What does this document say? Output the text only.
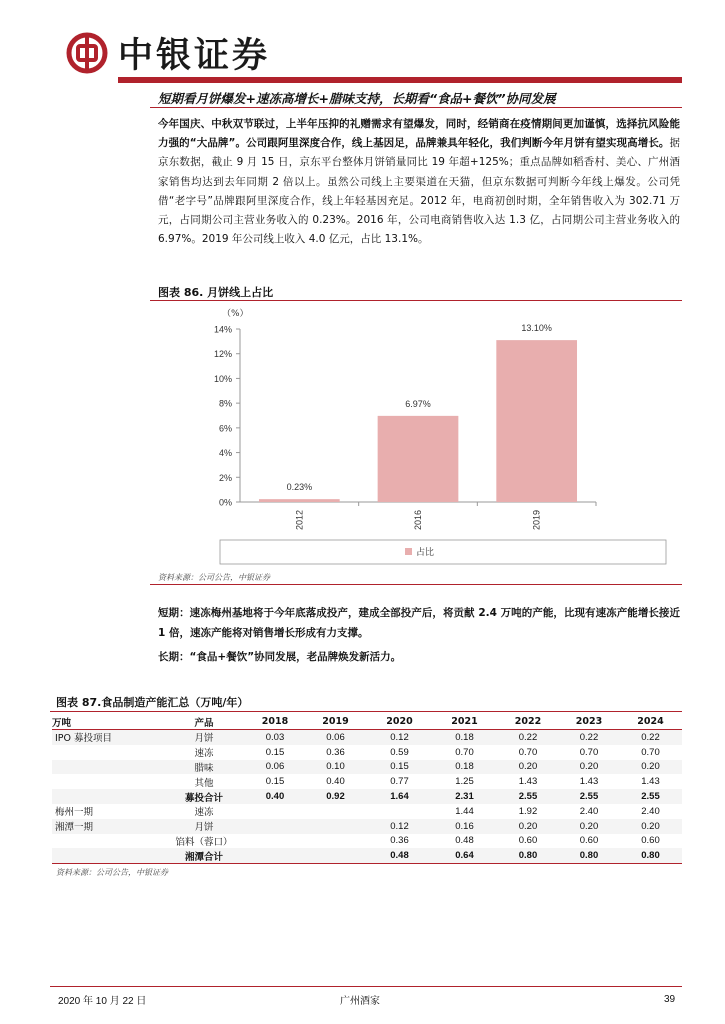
中银证券
短期看月饼爆发+速冻高增长+腊味支持，长期看“食品+餐饮”协同发展
今年国庆、中秋双节联过，上半年压抑的礼赠需求有望爆发，同时，经销商在疫情期间更加谨慎，选择抗风险能力强的“大品牌”。公司跟阿里深度合作，线上基因足，品牌兼具年轻化，我们判断今年月饼有望实现高增长。据京东数据，截止 9 月 15 日，京东平台整体月饼销量同比 19 年超+125%；重点品牌如稻香村、美心、广州酒家销售均达到去年同期 2 倍以上。虽然公司线上主要渠道在天猫，但京东数据可判断今年线上爆发。公司凭借“老字号”品牌跟阿里深度合作，线上年轻基因充足。2012 年，电商初创时期，全年销售收入为 302.71 万元，占同期公司主营业务收入的 0.23%。2016 年，公司电商销售收入达 1.3 亿，占同期公司主营业务收入的 6.97%。2019 年公司线上收入 4.0 亿元，占比 13.1%。
图表 86. 月饼线上占比
（%）
0%
2%
4%
6%
8%
10%
12%
14%
0.23%
6.97%
13.10%
2012	2016	2019
占比
资料来源：公司公告，中银证券
短期：速冻梅州基地将于今年底落成投产，建成全部投产后，将贡献 2.4 万吨的产能，比现有速冻产能增长接近 1 倍，速冻产能将对销售增长形成有力支撑。
长期：“食品+餐饮”协同发展，老品牌焕发新活力。
图表 87.食品制造产能汇总（万吨/年）
万吨	产品	2018	2019	2020	2021	2022	2023	2024
IPO 募投项目	月饼	0.03	0.06	0.12	0.18	0.22	0.22	0.22
	速冻	0.15	0.36	0.59	0.70	0.70	0.70	0.70
	腊味	0.06	0.10	0.15	0.18	0.20	0.20	0.20
	其他	0.15	0.40	0.77	1.25	1.43	1.43	1.43
	募投合计	0.40	0.92	1.64	2.31	2.55	2.55	2.55
梅州一期	速冻				1.44	1.92	2.40	2.40
湘潭一期	月饼			0.12	0.16	0.20	0.20	0.20
	馅料（蓉口）			0.36	0.48	0.60	0.60	0.60
	湘潭合计			0.48	0.64	0.80	0.80	0.80
资料来源：公司公告，中银证券
2020 年 10 月 22 日	广州酒家	39
